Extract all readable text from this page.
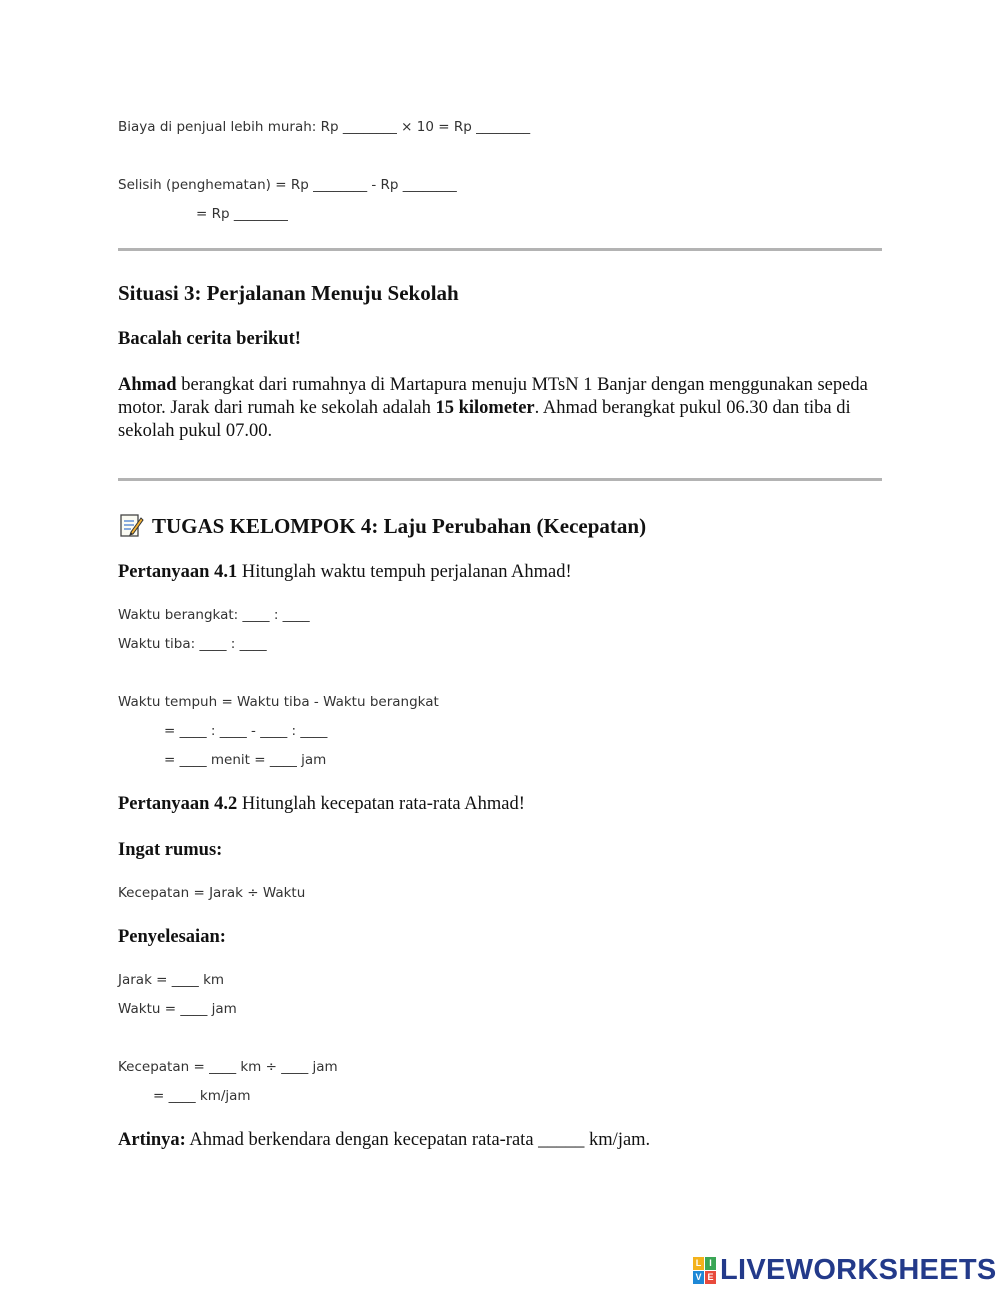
Biaya di penjual lebih murah: Rp ________ × 10 = Rp ________
Selisih (penghematan) = Rp ________ - Rp ________
= Rp ________
Situasi 3: Perjalanan Menuju Sekolah
Bacalah cerita berikut!
Ahmad berangkat dari rumahnya di Martapura menuju MTsN 1 Banjar dengan menggunakan sepeda motor. Jarak dari rumah ke sekolah adalah 15 kilometer. Ahmad berangkat pukul 06.30 dan tiba di sekolah pukul 07.00.
TUGAS KELOMPOK 4: Laju Perubahan (Kecepatan)
Pertanyaan 4.1 Hitunglah waktu tempuh perjalanan Ahmad!
Waktu berangkat: ____ : ____
Waktu tiba: ____ : ____
Waktu tempuh = Waktu tiba - Waktu berangkat
= ____ : ____ - ____ : ____
= ____ menit = ____ jam
Pertanyaan 4.2 Hitunglah kecepatan rata-rata Ahmad!
Ingat rumus:
Kecepatan = Jarak ÷ Waktu
Penyelesaian:
Jarak = ____ km
Waktu = ____ jam
Kecepatan = ____ km ÷ ____ jam
= ____ km/jam
Artinya: Ahmad berkendara dengan kecepatan rata-rata _____ km/jam.
L I
V E LIVEWORKSHEETS
